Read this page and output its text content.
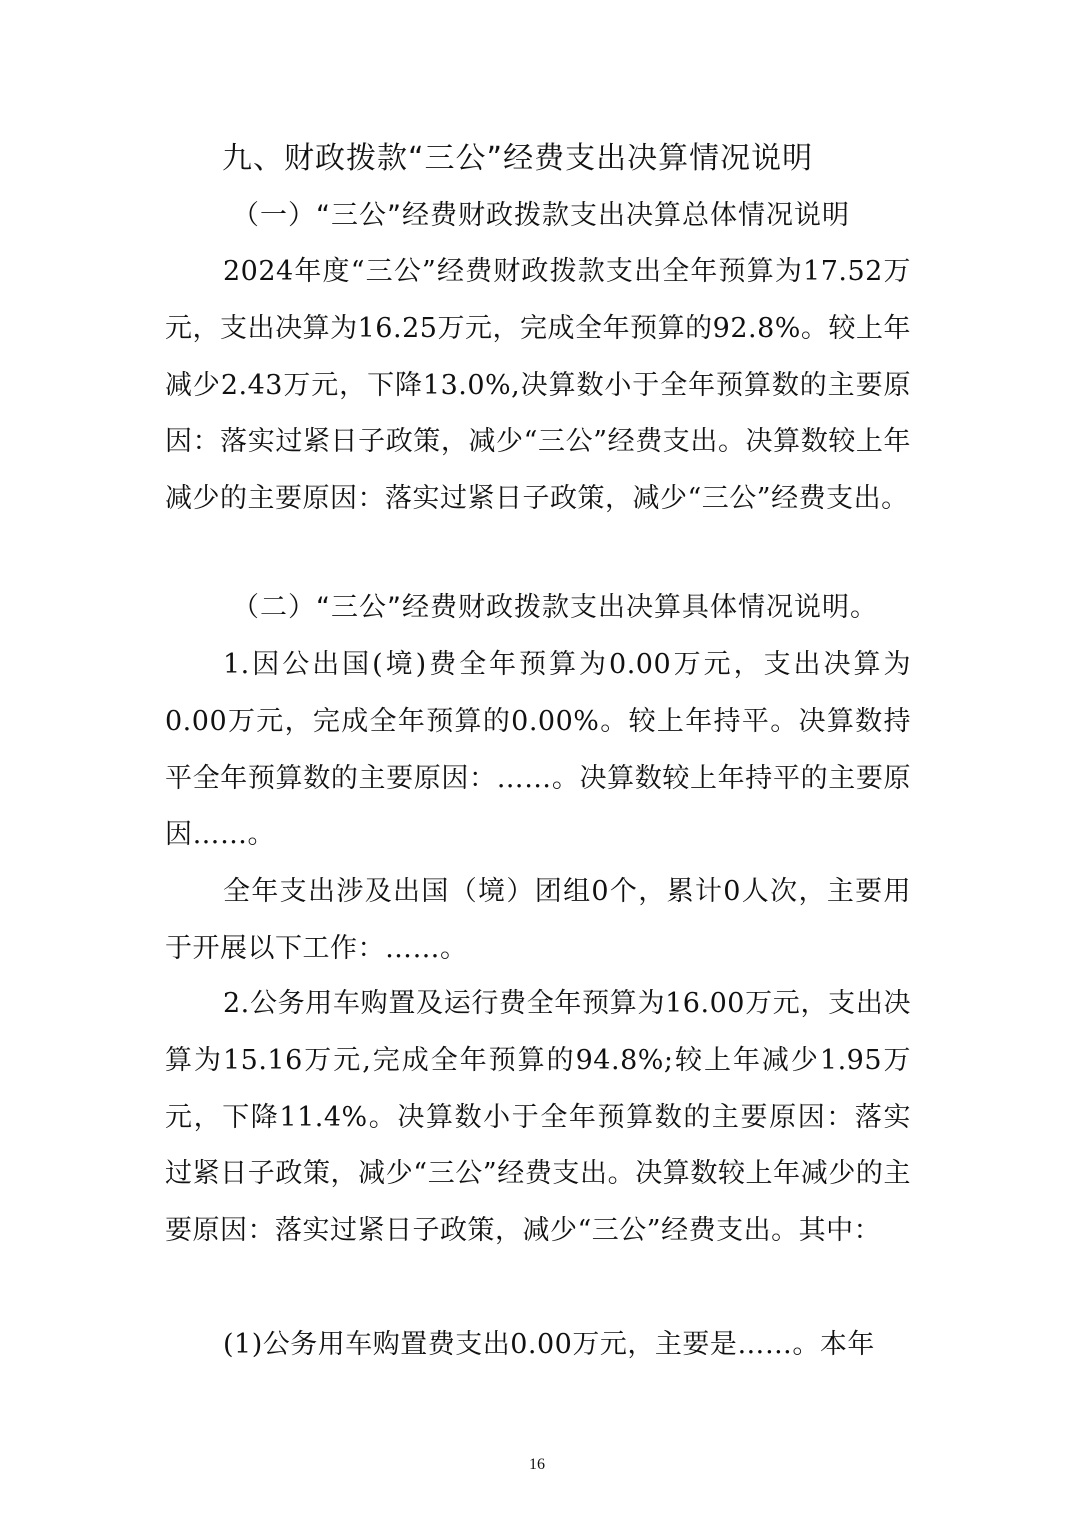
九、财政拨款“三公”经费支出决算情况说明
（一）“三公”经费财政拨款支出决算总体情况说明

2024年度“三公”经费财政拨款支出全年预算为17.52万元，支出决算为16.25万元，完成全年预算的92.8%。较上年减少2.43万元，下降13.0%,决算数小于全年预算数的主要原因：落实过紧日子政策，减少“三公”经费支出。决算数较上年减少的主要原因：落实过紧日子政策，减少“三公”经费支出。

（二）“三公”经费财政拨款支出决算具体情况说明。

1.因公出国(境)费全年预算为0.00万元，支出决算为0.00万元，完成全年预算的0.00%。较上年持平。决算数持平全年预算数的主要原因：……。决算数较上年持平的主要原因……。

全年支出涉及出国（境）团组0个，累计0人次，主要用于开展以下工作：……。

2.公务用车购置及运行费全年预算为16.00万元，支出决算为15.16万元,完成全年预算的94.8%;较上年减少1.95万元，下降11.4%。决算数小于全年预算数的主要原因：落实过紧日子政策，减少“三公”经费支出。决算数较上年减少的主要原因：落实过紧日子政策，减少“三公”经费支出。其中：

(1)公务用车购置费支出0.00万元，主要是……。本年

16
